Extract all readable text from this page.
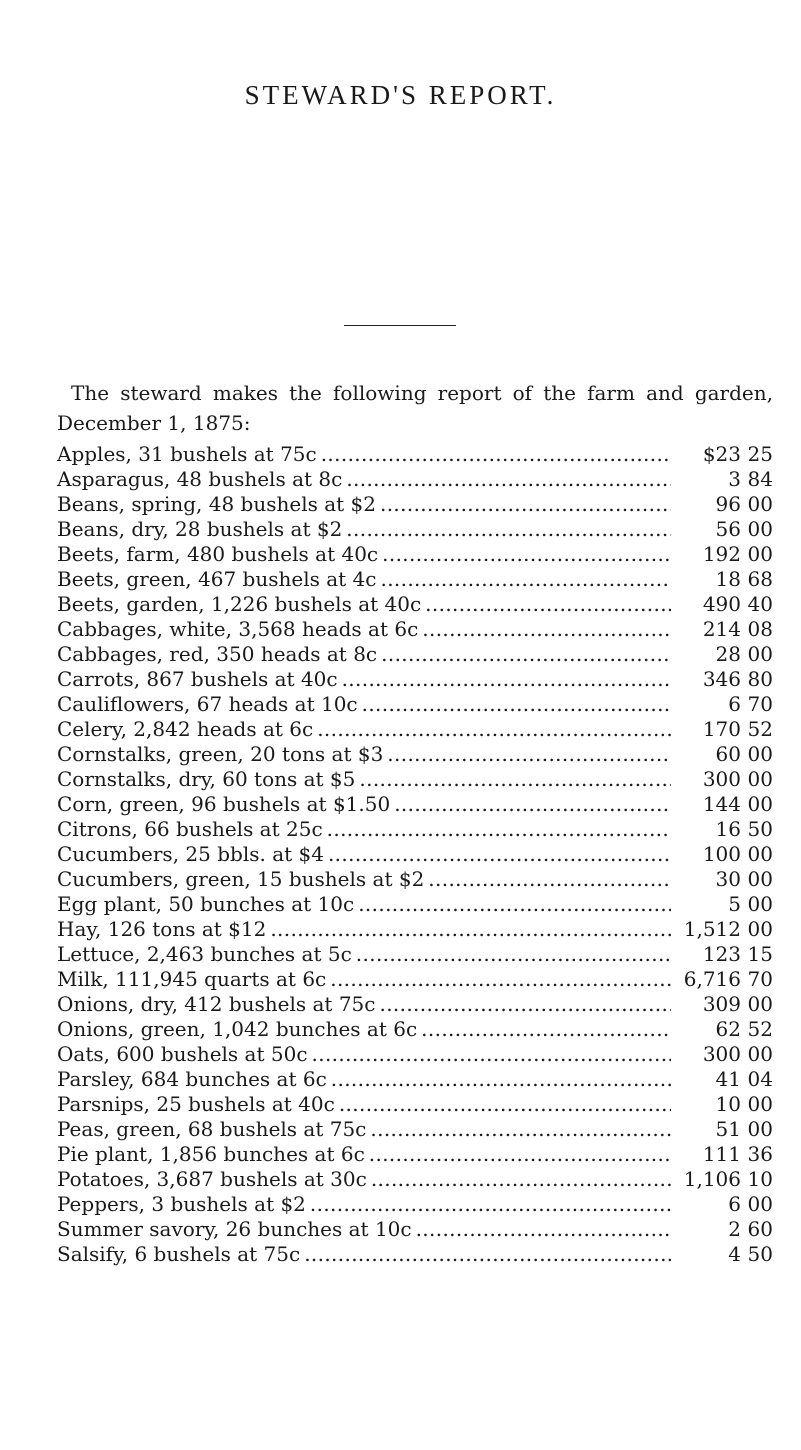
STEWARD'S REPORT.
The steward makes the following report of the farm and garden,
December 1, 1875:
Apples, 31 bushels at 75c . . .	$23 25
Asparagus, 48 bushels at 8c . . .	3 84
Beans, spring, 48 bushels at $2 . . .	96 00
Beans, dry, 28 bushels at $2 . . .	56 00
Beets, farm, 480 bushels at 40c . . .	192 00
Beets, green, 467 bushels at 4c . . .	18 68
Beets, garden, 1,226 bushels at 40c . . .	490 40
Cabbages, white, 3,568 heads at 6c . . .	214 08
Cabbages, red, 350 heads at 8c . . .	28 00
Carrots, 867 bushels at 40c . . .	346 80
Cauliflowers, 67 heads at 10c . . .	6 70
Celery, 2,842 heads at 6c . . .	170 52
Cornstalks, green, 20 tons at $3 . . .	60 00
Cornstalks, dry, 60 tons at $5 . . .	300 00
Corn, green, 96 bushels at $1.50 . . .	144 00
Citrons, 66 bushels at 25c . . .	16 50
Cucumbers, 25 bbls. at $4 . . .	100 00
Cucumbers, green, 15 bushels at $2 . . .	30 00
Egg plant, 50 bunches at 10c . . .	5 00
Hay, 126 tons at $12 . . .	1,512 00
Lettuce, 2,463 bunches at 5c . . .	123 15
Milk, 111,945 quarts at 6c . . .	6,716 70
Onions, dry, 412 bushels at 75c . . .	309 00
Onions, green, 1,042 bunches at 6c . . .	62 52
Oats, 600 bushels at 50c . . .	300 00
Parsley, 684 bunches at 6c . . .	41 04
Parsnips, 25 bushels at 40c . . .	10 00
Peas, green, 68 bushels at 75c . . .	51 00
Pie plant, 1,856 bunches at 6c . . .	111 36
Potatoes, 3,687 bushels at 30c . . .	1,106 10
Peppers, 3 bushels at $2 . . .	6 00
Summer savory, 26 bunches at 10c . . .	2 60
Salsify, 6 bushels at 75c . . .	4 50
